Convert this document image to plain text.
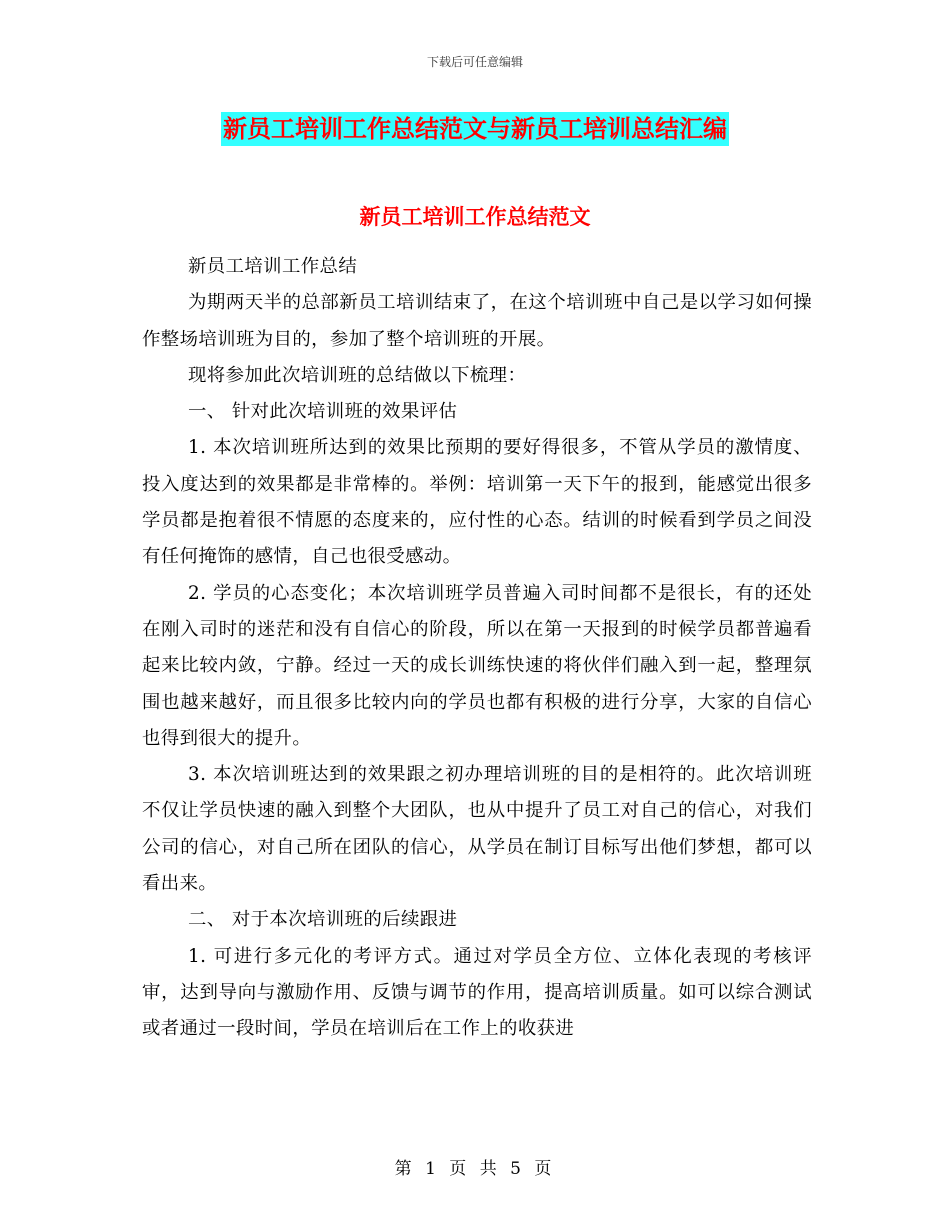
下载后可任意编辑
新员工培训工作总结范文与新员工培训总结汇编
新员工培训工作总结范文

新员工培训工作总结

为期两天半的总部新员工培训结束了，在这个培训班中自己是以学习如何操作整场培训班为目的，参加了整个培训班的开展。

现将参加此次培训班的总结做以下梳理：

一、 针对此次培训班的效果评估

1. 本次培训班所达到的效果比预期的要好得很多，不管从学员的激情度、投入度达到的效果都是非常棒的。举例：培训第一天下午的报到，能感觉出很多学员都是抱着很不情愿的态度来的，应付性的心态。结训的时候看到学员之间没有任何掩饰的感情，自己也很受感动。

2. 学员的心态变化；本次培训班学员普遍入司时间都不是很长，有的还处在刚入司时的迷茫和没有自信心的阶段，所以在第一天报到的时候学员都普遍看起来比较内敛，宁静。经过一天的成长训练快速的将伙伴们融入到一起，整理氛围也越来越好，而且很多比较内向的学员也都有积极的进行分享，大家的自信心也得到很大的提升。

3. 本次培训班达到的效果跟之初办理培训班的目的是相符的。此次培训班不仅让学员快速的融入到整个大团队，也从中提升了员工对自己的信心，对我们公司的信心，对自己所在团队的信心，从学员在制订目标写出他们梦想，都可以看出来。

二、 对于本次培训班的后续跟进

1. 可进行多元化的考评方式。通过对学员全方位、立体化表现的考核评审，达到导向与激励作用、反馈与调节的作用，提高培训质量。如可以综合测试或者通过一段时间，学员在培训后在工作上的收获进

第 1 页 共 5 页
